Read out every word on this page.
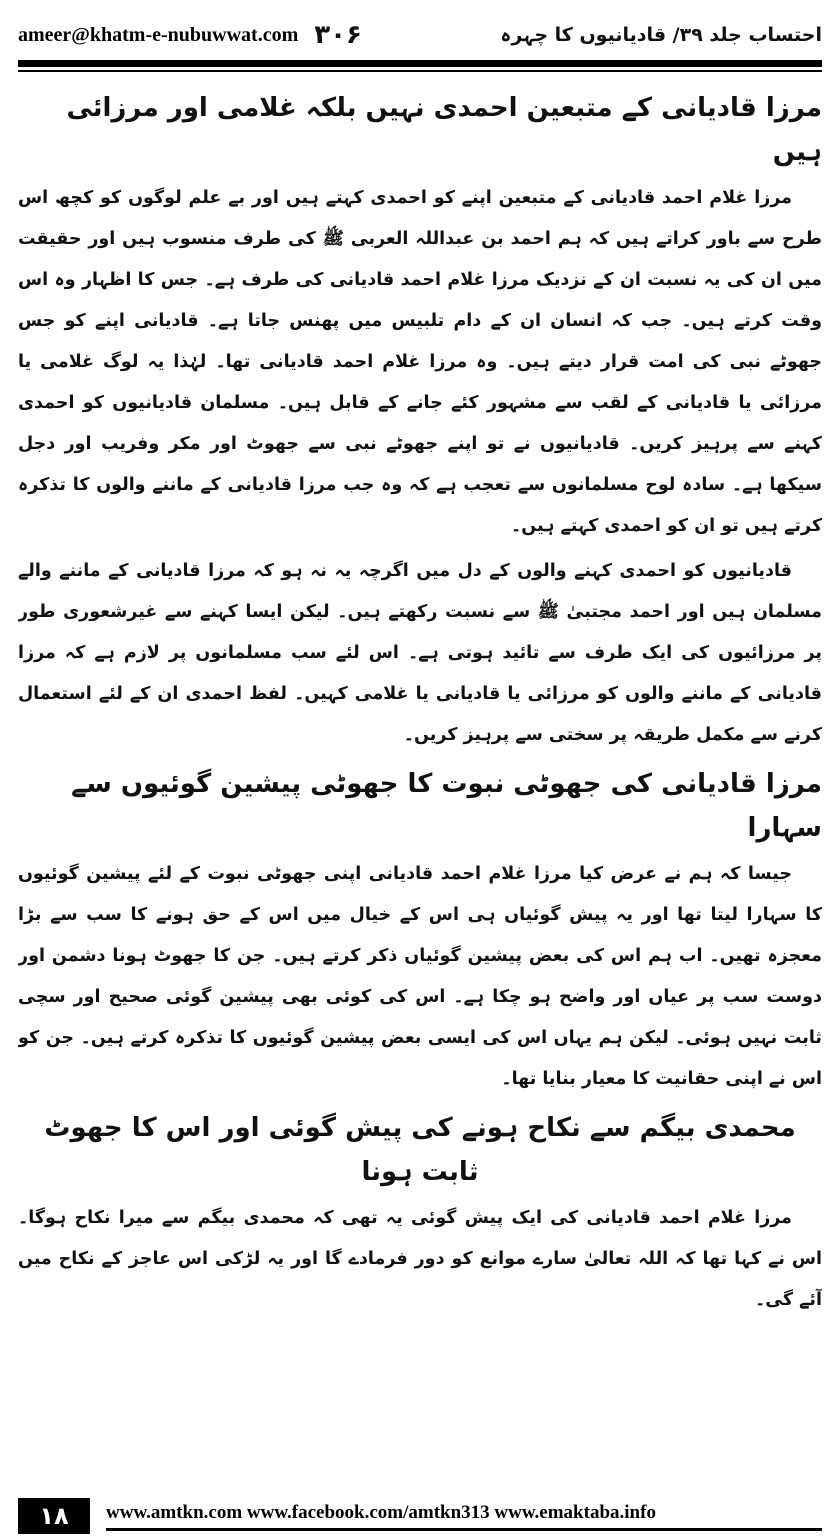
ameer@khatm-e-nubuwwat.com ۳۰۶	احتساب جلد ۳۹/ قادیانیوں کا چہرہ
مرزا قادیانی کے متبعین احمدی نہیں بلکہ غلامی اور مرزائی ہیں

مرزا غلام احمد قادیانی کے متبعین اپنے کو احمدی کہتے ہیں اور بے علم لوگوں کو کچھ اس طرح سے باور کراتے ہیں کہ ہم احمد بن عبداللہ العربی ﷺ کی طرف منسوب ہیں اور حقیقت میں ان کی یہ نسبت ان کے نزدیک مرزا غلام احمد قادیانی کی طرف ہے۔ جس کا اظہار وہ اس وقت کرتے ہیں۔ جب کہ انسان ان کے دام تلبیس میں پھنس جاتا ہے۔ قادیانی اپنے کو جس جھوٹے نبی کی امت قرار دیتے ہیں۔ وہ مرزا غلام احمد قادیانی تھا۔ لہٰذا یہ لوگ غلامی یا مرزائی یا قادیانی کے لقب سے مشہور کئے جانے کے قابل ہیں۔ مسلمان قادیانیوں کو احمدی کہنے سے پرہیز کریں۔ قادیانیوں نے تو اپنے جھوٹے نبی سے جھوٹ اور مکر وفریب اور دجل سیکھا ہے۔ سادہ لوح مسلمانوں سے تعجب ہے کہ وہ جب مرزا قادیانی کے ماننے والوں کا تذکرہ کرتے ہیں تو ان کو احمدی کہتے ہیں۔

قادیانیوں کو احمدی کہنے والوں کے دل میں اگرچہ یہ نہ ہو کہ مرزا قادیانی کے ماننے والے مسلمان ہیں اور احمد مجتبیٰ ﷺ سے نسبت رکھتے ہیں۔ لیکن ایسا کہنے سے غیرشعوری طور پر مرزائیوں کی ایک طرف سے تائید ہوتی ہے۔ اس لئے سب مسلمانوں پر لازم ہے کہ مرزا قادیانی کے ماننے والوں کو مرزائی یا قادیانی یا غلامی کہیں۔ لفظ احمدی ان کے لئے استعمال کرنے سے مکمل طریقہ پر سختی سے پرہیز کریں۔

مرزا قادیانی کی جھوٹی نبوت کا جھوٹی پیشین گوئیوں سے سہارا

جیسا کہ ہم نے عرض کیا مرزا غلام احمد قادیانی اپنی جھوٹی نبوت کے لئے پیشین گوئیوں کا سہارا لیتا تھا اور یہ پیش گوئیاں ہی اس کے خیال میں اس کے حق ہونے کا سب سے بڑا معجزہ تھیں۔ اب ہم اس کی بعض پیشین گوئیاں ذکر کرتے ہیں۔ جن کا جھوٹ ہونا دشمن اور دوست سب پر عیاں اور واضح ہو چکا ہے۔ اس کی کوئی بھی پیشین گوئی صحیح اور سچی ثابت نہیں ہوئی۔ لیکن ہم یہاں اس کی ایسی بعض پیشین گوئیوں کا تذکرہ کرتے ہیں۔ جن کو اس نے اپنی حقانیت کا معیار بنایا تھا۔

محمدی بیگم سے نکاح ہونے کی پیش گوئی اور اس کا جھوٹ ثابت ہونا

مرزا غلام احمد قادیانی کی ایک پیش گوئی یہ تھی کہ محمدی بیگم سے میرا نکاح ہوگا۔ اس نے کہا تھا کہ اللہ تعالیٰ سارے موانع کو دور فرمادے گا اور یہ لڑکی اس عاجز کے نکاح میں آئے گی۔

۱۸	www.amtkn.com www.facebook.com/amtkn313 www.emaktaba.info
